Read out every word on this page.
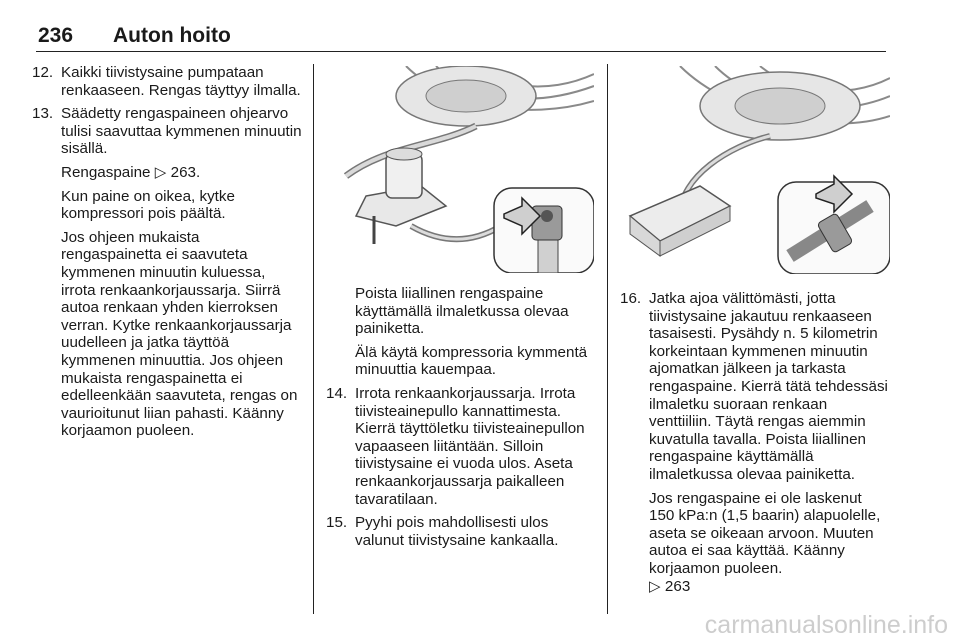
236 Auton hoito
12. Kaikki tiivistysaine pumpataan renkaaseen. Rengas täyttyy ilmalla.
13. Säädetty rengaspaineen ohjearvo tulisi saavuttaa kymmenen minuutin sisällä.
Rengaspaine ▷ 263.
Kun paine on oikea, kytke kompressori pois päältä.
Jos ohjeen mukaista rengaspainetta ei saavuteta kymmenen minuutin kuluessa, irrota renkaankorjaussarja. Siirrä autoa renkaan yhden kierroksen verran. Kytke renkaankorjaussarja uudelleen ja jatka täyttöä kymmenen minuuttia. Jos ohjeen mukaista rengaspainetta ei edelleenkään saavuteta, rengas on vaurioitunut liian pahasti. Käänny korjaamon puoleen.
Poista liiallinen rengaspaine käyttämällä ilmaletkussa olevaa painiketta.
Älä käytä kompressoria kymmentä minuuttia kauempaa.
14. Irrota renkaankorjaussarja. Irrota tiivisteainepullo kannattimesta. Kierrä täyttöletku tiivisteainepullon vapaaseen liitäntään. Silloin tiivistysaine ei vuoda ulos. Aseta renkaankorjaussarja paikalleen tavaratilaan.
15. Pyyhi pois mahdollisesti ulos valunut tiivistysaine kankaalla.
16. Jatka ajoa välittömästi, jotta tiivistysaine jakautuu renkaaseen tasaisesti. Pysähdy n. 5 kilometrin korkeintaan kymmenen minuutin ajomatkan jälkeen ja tarkasta rengaspaine. Kierrä tätä tehdessäsi ilmaletku suoraan renkaan venttiiliin. Täytä rengas aiemmin kuvatulla tavalla. Poista liiallinen rengaspaine käyttämällä ilmaletkussa olevaa painiketta.
Jos rengaspaine ei ole laskenut 150 kPa:n (1,5 baarin) alapuolelle, aseta se oikeaan arvoon. Muuten autoa ei saa käyttää. Käänny korjaamon puoleen.
▷ 263
carmanualsonline.info
